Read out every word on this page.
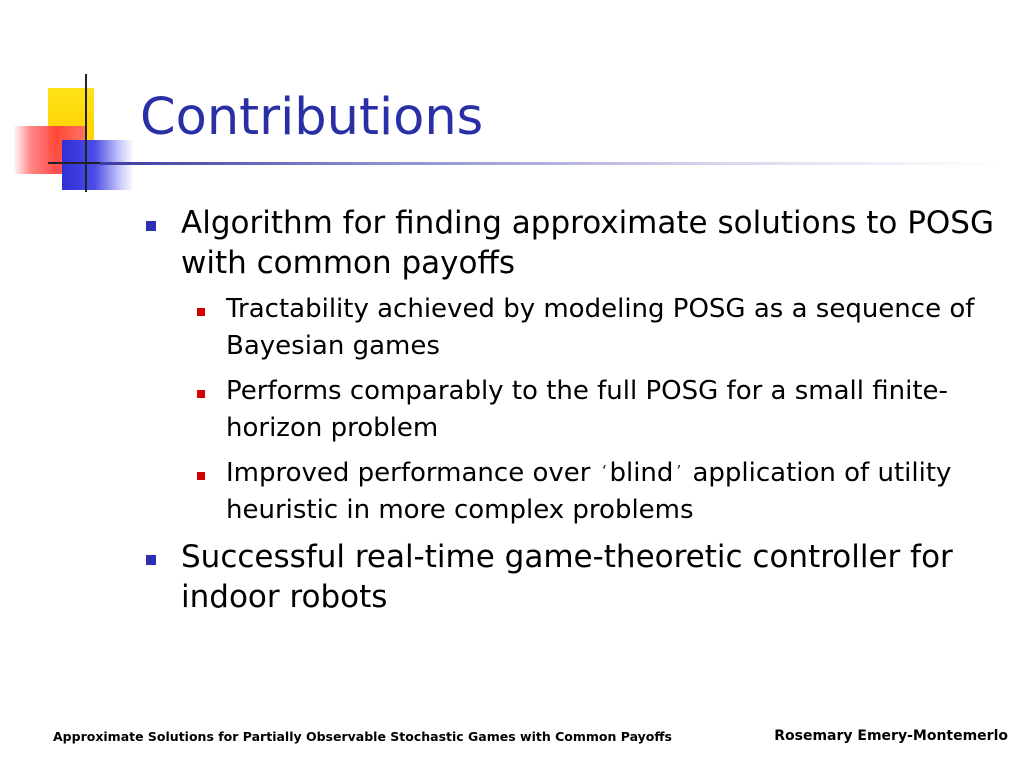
Contributions
Algorithm for finding approximate solutions to POSG with common payoffs
Tractability achieved by modeling POSG as a sequence of Bayesian games
Performs comparably to the full POSG for a small finite-horizon problem
Improved performance over ‘ blind ’ application of utility heuristic in more complex problems
Successful real-time game-theoretic controller for indoor robots
Approximate Solutions for Partially Observable Stochastic Games with Common Payoffs	Rosemary Emery-Montemerlo
